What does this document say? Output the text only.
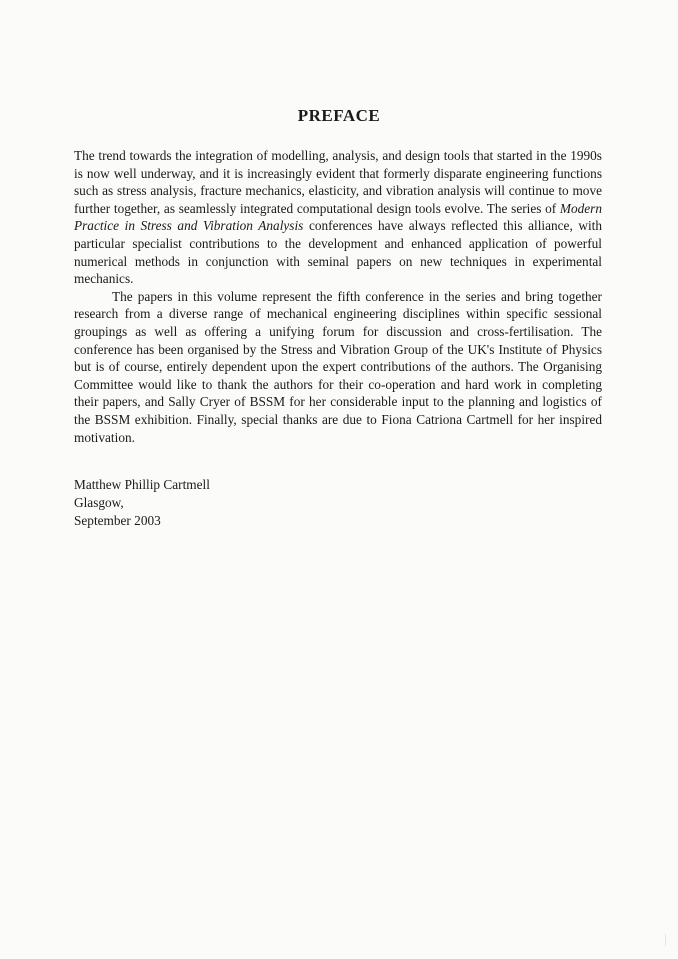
PREFACE

The trend towards the integration of modelling, analysis, and design tools that started in the 1990s is now well underway, and it is increasingly evident that formerly disparate engineering functions such as stress analysis, fracture mechanics, elasticity, and vibration analysis will continue to move further together, as seamlessly integrated computational design tools evolve. The series of Modern Practice in Stress and Vibration Analysis conferences have always reflected this alliance, with particular specialist contributions to the development and enhanced application of powerful numerical methods in conjunction with seminal papers on new techniques in experimental mechanics.

The papers in this volume represent the fifth conference in the series and bring together research from a diverse range of mechanical engineering disciplines within specific sessional groupings as well as offering a unifying forum for discussion and cross-fertilisation. The conference has been organised by the Stress and Vibration Group of the UK's Institute of Physics but is of course, entirely dependent upon the expert contributions of the authors. The Organising Committee would like to thank the authors for their co-operation and hard work in completing their papers, and Sally Cryer of BSSM for her considerable input to the planning and logistics of the BSSM exhibition. Finally, special thanks are due to Fiona Catriona Cartmell for her inspired motivation.

Matthew Phillip Cartmell
Glasgow,
September 2003
